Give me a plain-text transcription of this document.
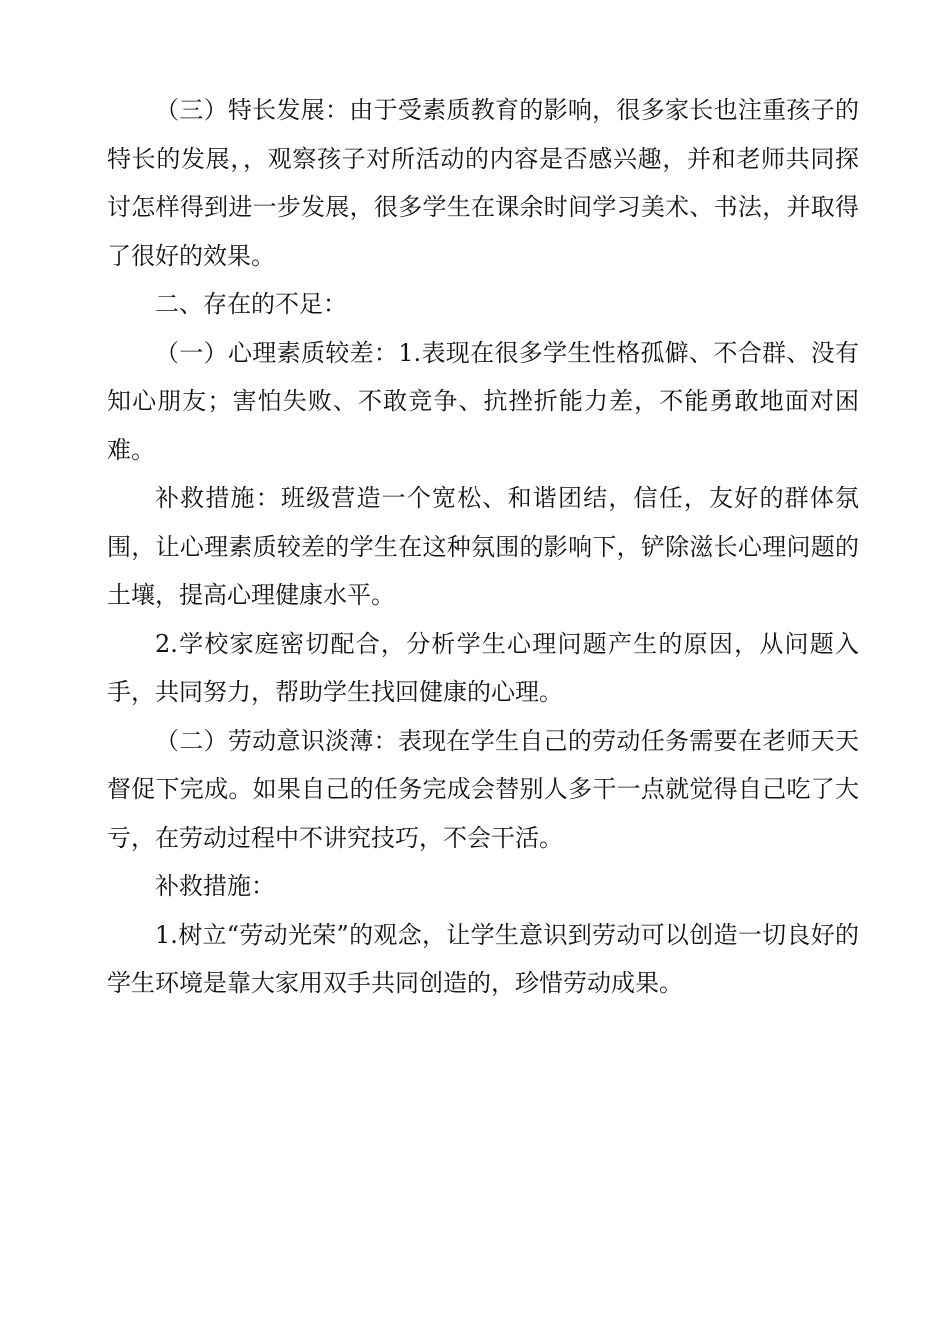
（三）特长发展：由于受素质教育的影响，很多家长也注重孩子的特长的发展，，观察孩子对所活动的内容是否感兴趣，并和老师共同探讨怎样得到进一步发展，很多学生在课余时间学习美术、书法，并取得了很好的效果。

二、存在的不足：

（一）心理素质较差：1.表现在很多学生性格孤僻、不合群、没有知心朋友；害怕失败、不敢竞争、抗挫折能力差，不能勇敢地面对困难。

补救措施：班级营造一个宽松、和谐团结，信任，友好的群体氛围，让心理素质较差的学生在这种氛围的影响下，铲除滋长心理问题的土壤，提高心理健康水平。

2.学校家庭密切配合，分析学生心理问题产生的原因，从问题入手，共同努力，帮助学生找回健康的心理。

（二）劳动意识淡薄：表现在学生自己的劳动任务需要在老师天天督促下完成。如果自己的任务完成会替别人多干一点就觉得自己吃了大亏，在劳动过程中不讲究技巧，不会干活。

补救措施：

1.树立“劳动光荣”的观念，让学生意识到劳动可以创造一切良好的学生环境是靠大家用双手共同创造的，珍惜劳动成果。
